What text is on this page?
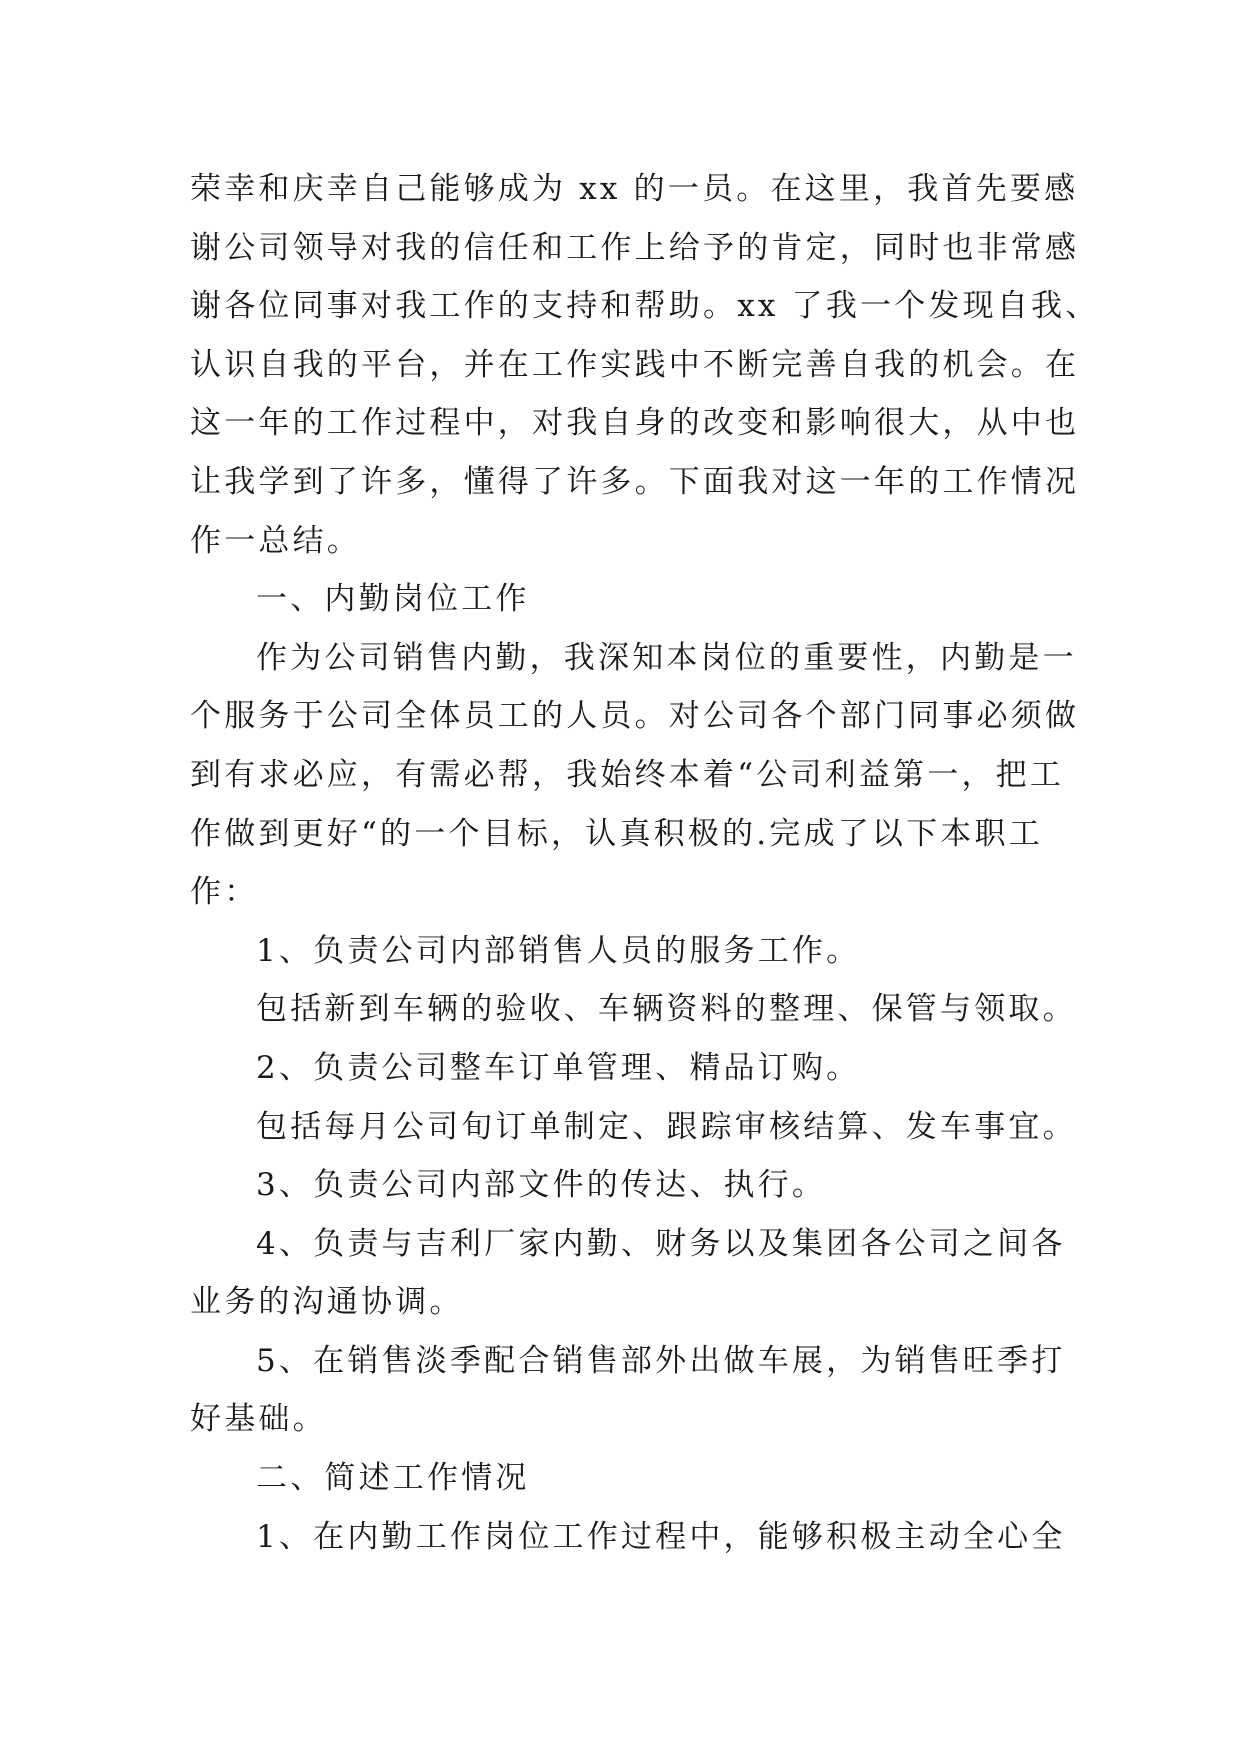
荣幸和庆幸自己能够成为 xx 的一员。在这里，我首先要感

谢公司领导对我的信任和工作上给予的肯定，同时也非常感

谢各位同事对我工作的支持和帮助。xx 了我一个发现自我、

认识自我的平台，并在工作实践中不断完善自我的机会。在

这一年的工作过程中，对我自身的改变和影响很大，从中也

让我学到了许多，懂得了许多。下面我对这一年的工作情况

作一总结。

一、内勤岗位工作

作为公司销售内勤，我深知本岗位的重要性，内勤是一

个服务于公司全体员工的人员。对公司各个部门同事必须做

到有求必应，有需必帮，我始终本着“公司利益第一，把工

作做到更好“的一个目标，认真积极的.完成了以下本职工

作：

1、负责公司内部销售人员的服务工作。

包括新到车辆的验收、车辆资料的整理、保管与领取。

2、负责公司整车订单管理、精品订购。

包括每月公司旬订单制定、跟踪审核结算、发车事宜。

3、负责公司内部文件的传达、执行。

4、负责与吉利厂家内勤、财务以及集团各公司之间各

业务的沟通协调。

5、在销售淡季配合销售部外出做车展，为销售旺季打

好基础。

二、简述工作情况

1、在内勤工作岗位工作过程中，能够积极主动全心全
